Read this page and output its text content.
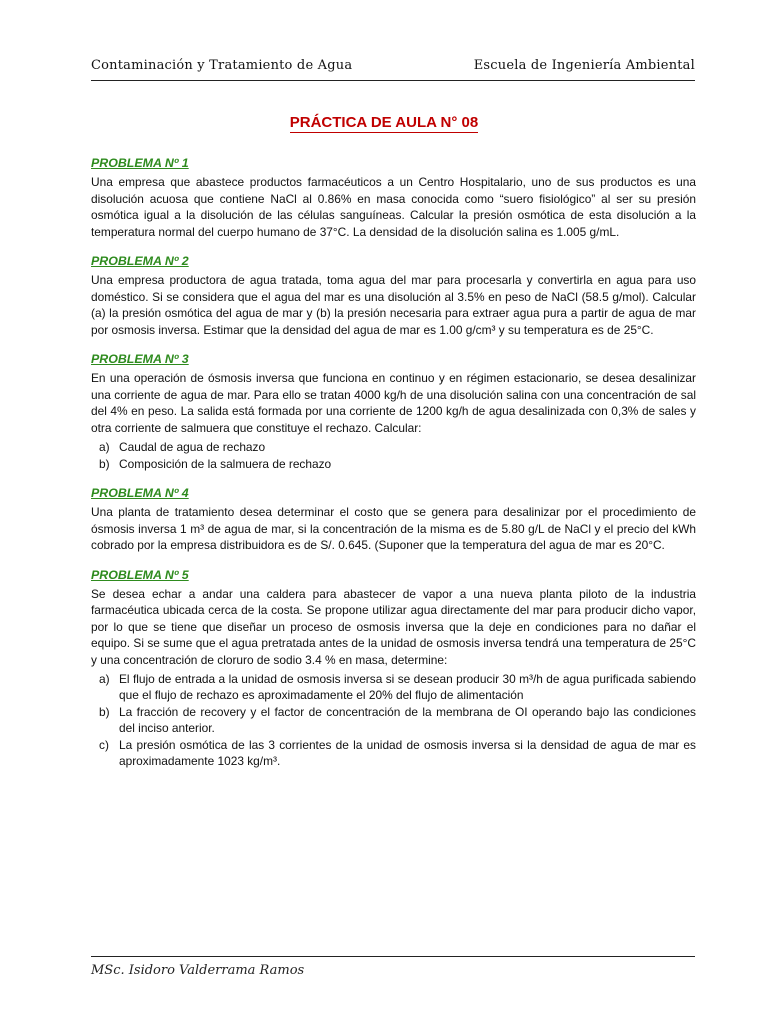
Contaminación y Tratamiento de Agua	Escuela de Ingeniería Ambiental
PRÁCTICA DE AULA N° 08
PROBLEMA Nº 1

Una empresa que abastece productos farmacéuticos a un Centro Hospitalario, uno de sus productos es una disolución acuosa que contiene NaCl al 0.86% en masa conocida como “suero fisiológico” al ser su presión osmótica igual a la disolución de las células sanguíneas. Calcular la presión osmótica de esta disolución a la temperatura normal del cuerpo humano de 37°C. La densidad de la disolución salina es 1.005 g/mL.

PROBLEMA Nº 2

Una empresa productora de agua tratada, toma agua del mar para procesarla y convertirla en agua para uso doméstico. Si se considera que el agua del mar es una disolución al 3.5% en peso de NaCl (58.5 g/mol). Calcular (a) la presión osmótica del agua de mar y (b) la presión necesaria para extraer agua pura a partir de agua de mar por osmosis inversa. Estimar que la densidad del agua de mar es 1.00 g/cm³ y su temperatura es de 25°C.

PROBLEMA Nº 3

En una operación de ósmosis inversa que funciona en continuo y en régimen estacionario, se desea desalinizar una corriente de agua de mar. Para ello se tratan 4000 kg/h de una disolución salina con una concentración de sal del 4% en peso. La salida está formada por una corriente de 1200 kg/h de agua desalinizada con 0,3% de sales y otra corriente de salmuera que constituye el rechazo. Calcular:

a) Caudal de agua de rechazo
b) Composición de la salmuera de rechazo
PROBLEMA Nº 4

Una planta de tratamiento desea determinar el costo que se genera para desalinizar por el procedimiento de ósmosis inversa 1 m³ de agua de mar, si la concentración de la misma es de 5.80 g/L de NaCl y el precio del kWh cobrado por la empresa distribuidora es de S/. 0.645. (Suponer que la temperatura del agua de mar es 20°C.

PROBLEMA Nº 5

Se desea echar a andar una caldera para abastecer de vapor a una nueva planta piloto de la industria farmacéutica ubicada cerca de la costa. Se propone utilizar agua directamente del mar para producir dicho vapor, por lo que se tiene que diseñar un proceso de osmosis inversa que la deje en condiciones para no dañar el equipo. Si se sume que el agua pretratada antes de la unidad de osmosis inversa tendrá una temperatura de 25°C y una concentración de cloruro de sodio 3.4 % en masa, determine:

a) El flujo de entrada a la unidad de osmosis inversa si se desean producir 30 m³/h de agua purificada sabiendo que el flujo de rechazo es aproximadamente el 20% del flujo de alimentación
b) La fracción de recovery y el factor de concentración de la membrana de OI operando bajo las condiciones del inciso anterior.
c) La presión osmótica de las 3 corrientes de la unidad de osmosis inversa si la densidad de agua de mar es aproximadamente 1023 kg/m³.
MSc. Isidoro Valderrama Ramos
